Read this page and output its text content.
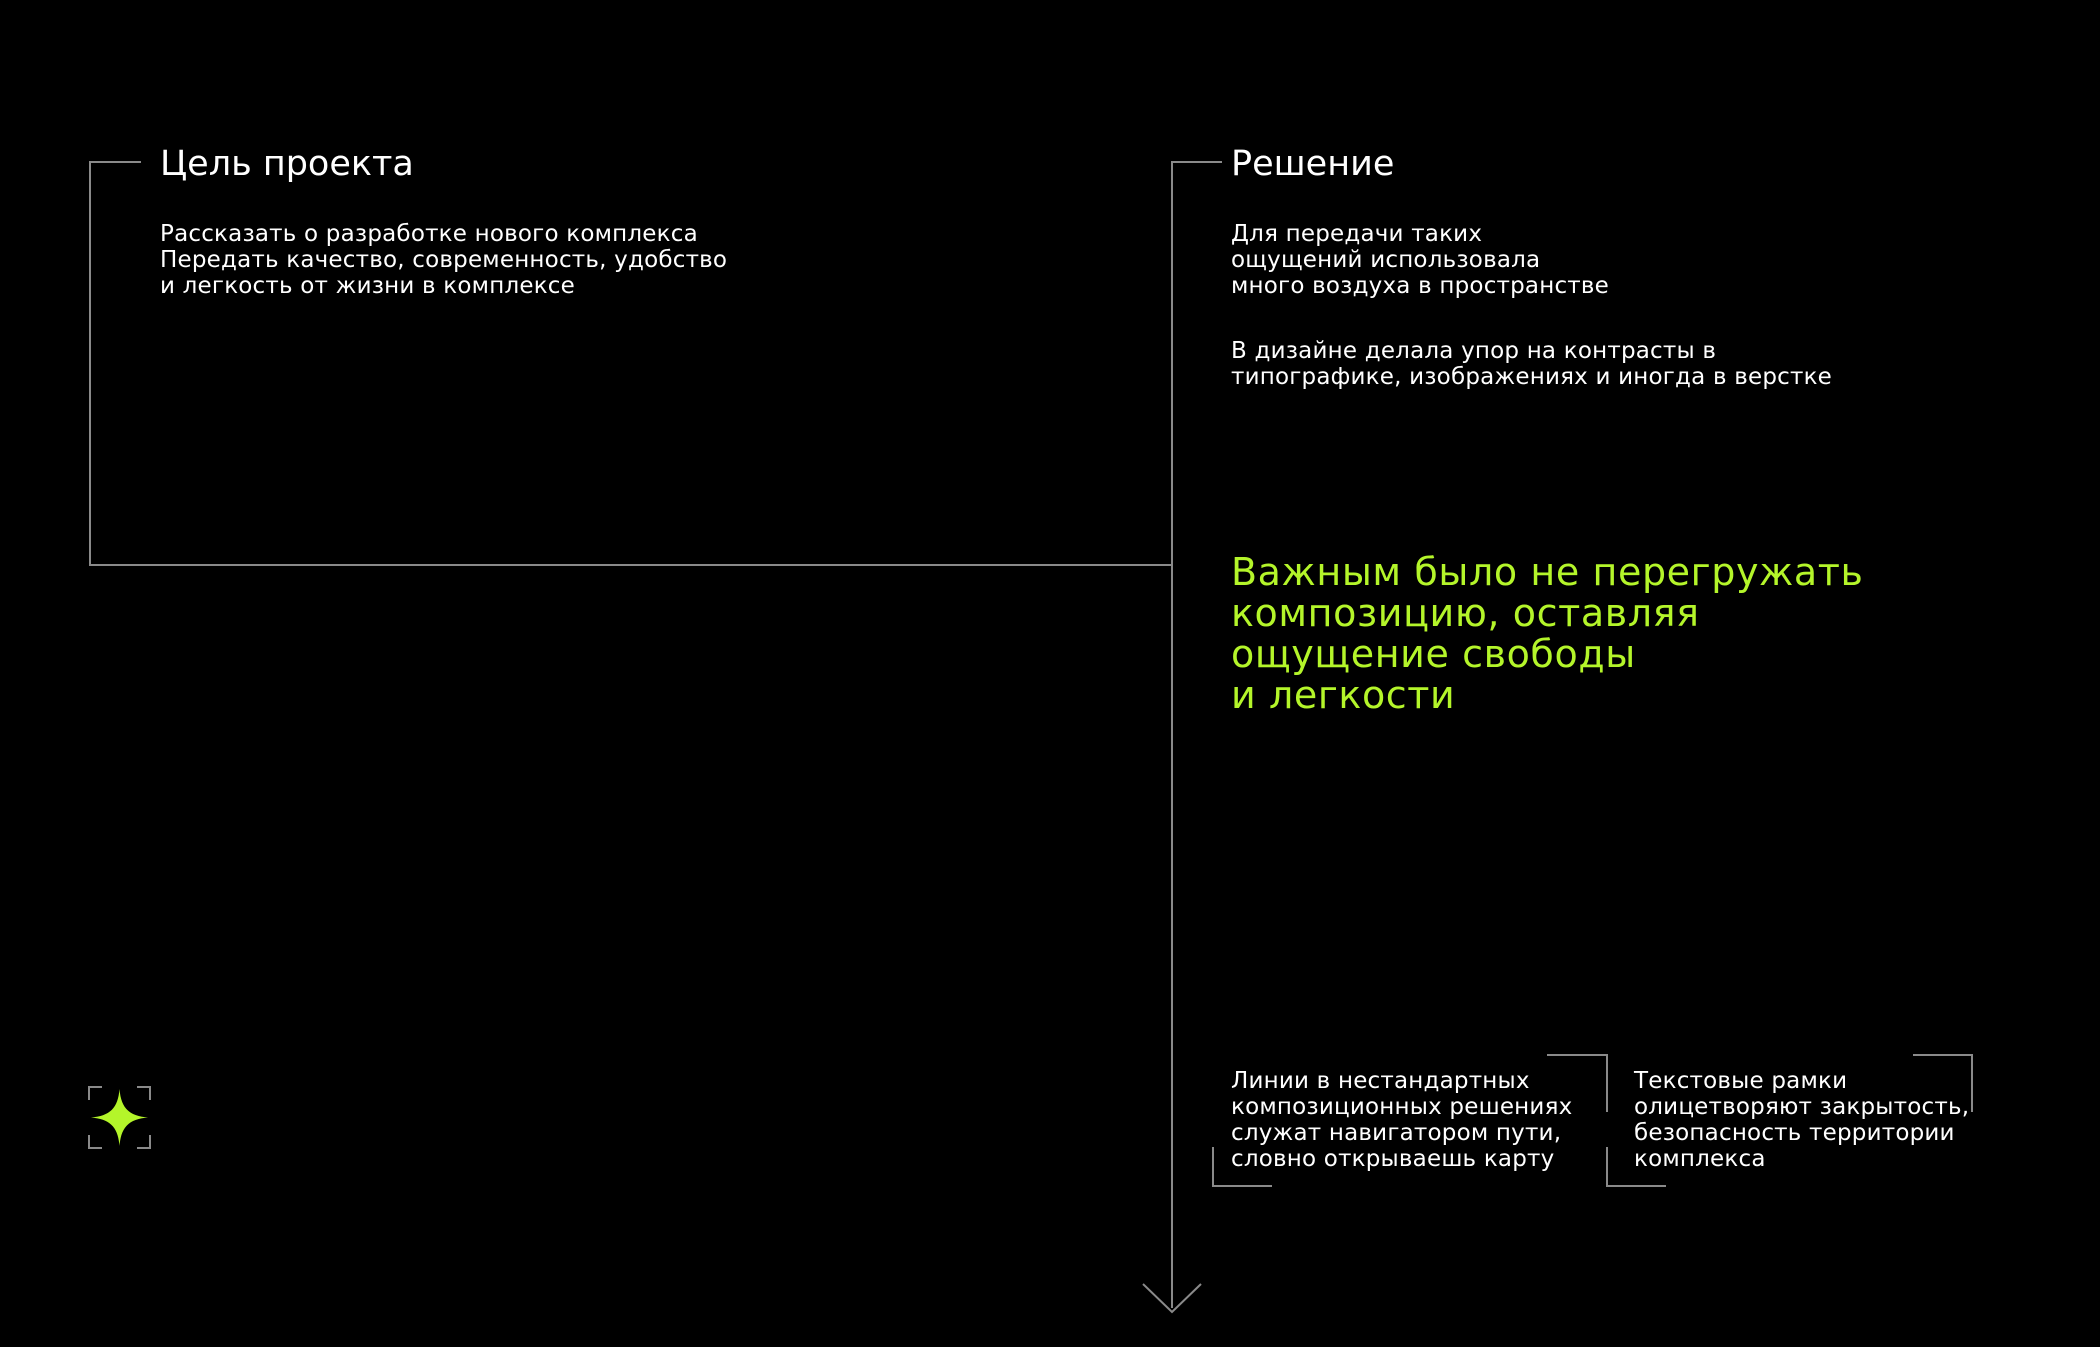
Цель проекта

Рассказать о разработке нового комплекса
Передать качество, современность, удобство
и легкость от жизни в комплексе

Решение

Для передачи таких
ощущений использовала
много воздуха в пространстве

В дизайне делала упор на контрасты в
типографике, изображениях и иногда в верстке

Важным было не перегружать
композицию, оставляя
ощущение свободы
и легкости

Линии в нестандартных
композиционных решениях
служат навигатором пути,
словно открываешь карту

Текстовые рамки
олицетворяют закрытость,
безопасность территории
комплекса
